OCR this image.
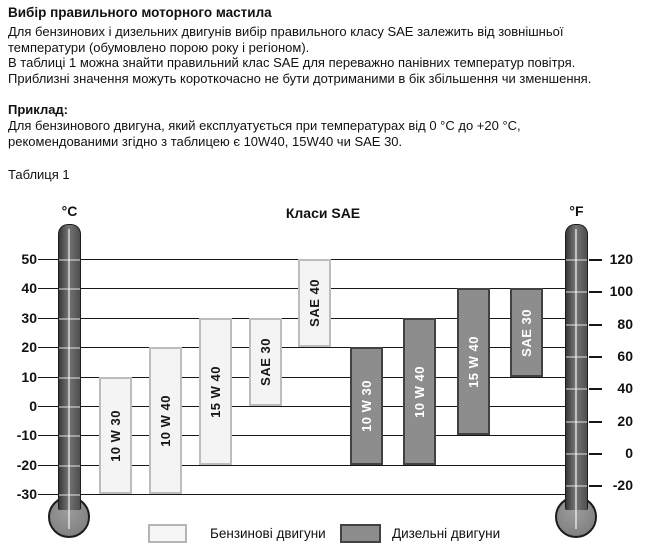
Вибір правильного моторного мастила
Для бензинових і дизельних двигунів вибір правильного класу SAE залежить від зовнішньої
температури (обумовлено порою року і регіоном).
В таблиці 1 можна знайти правильний клас SAE для переважно панівних температур повітря.
Приблизні значення можуть короткочасно не бути дотриманими в бік збільшення чи зменшення.
Приклад:
Для бензинового двигуна, який експлуатується при температурах від 0 °C до +20 °C,
рекомендованими згідно з таблицею є 10W40, 15W40 чи SAE 30.
Таблиця 1
Класи SAE
°C	°F
50
40
30
20
10
0
-10
-20
-30
10 W 30	10 W 40
15 W 40
SAE 30
SAE 40
10 W 30	10 W 40
15 W 40
SAE 30
120
100
80
60
40
20
0
-20
Бензинові двигуни	Дизельні двигуни
